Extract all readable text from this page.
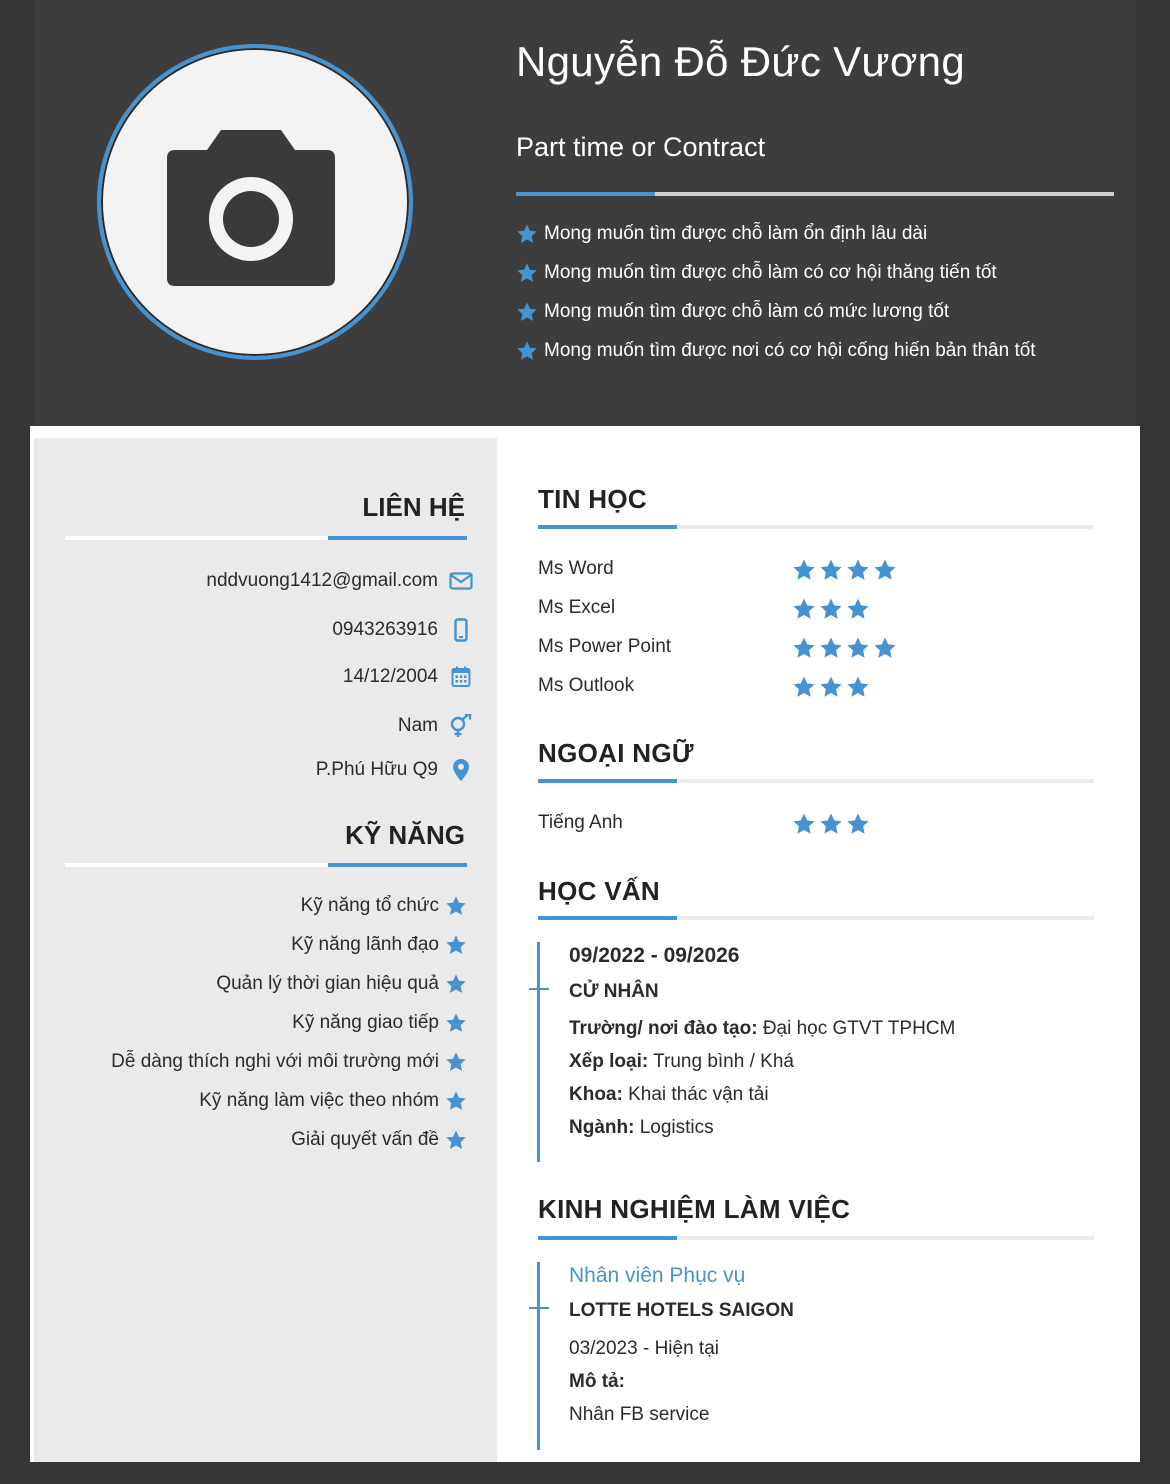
Nguyễn Đỗ Đức Vương
Part time or Contract
Mong muốn tìm được chỗ làm ổn định lâu dài
Mong muốn tìm được chỗ làm có cơ hội thăng tiến tốt
Mong muốn tìm được chỗ làm có mức lương tốt
Mong muốn tìm được nơi có cơ hội cống hiến bản thân tốt
LIÊN HỆ
nddvuong1412@gmail.com
0943263916
14/12/2004
Nam
P.Phú Hữu Q9
KỸ NĂNG
Kỹ năng tổ chức
Kỹ năng lãnh đạo
Quản lý thời gian hiệu quả
Kỹ năng giao tiếp
Dễ dàng thích nghi với môi trường mới
Kỹ năng làm việc theo nhóm
Giải quyết vấn đề
TIN HỌC
Ms Word
Ms Excel
Ms Power Point
Ms Outlook
NGOẠI NGỮ
Tiếng Anh
HỌC VẤN
09/2022 - 09/2026
CỬ NHÂN
Trường/ nơi đào tạo: Đại học GTVT TPHCM
Xếp loại: Trung bình / Khá
Khoa: Khai thác vận tải
Ngành: Logistics
KINH NGHIỆM LÀM VIỆC
Nhân viên Phục vụ
LOTTE HOTELS SAIGON
03/2023 - Hiện tại
Mô tả:
Nhân FB service
